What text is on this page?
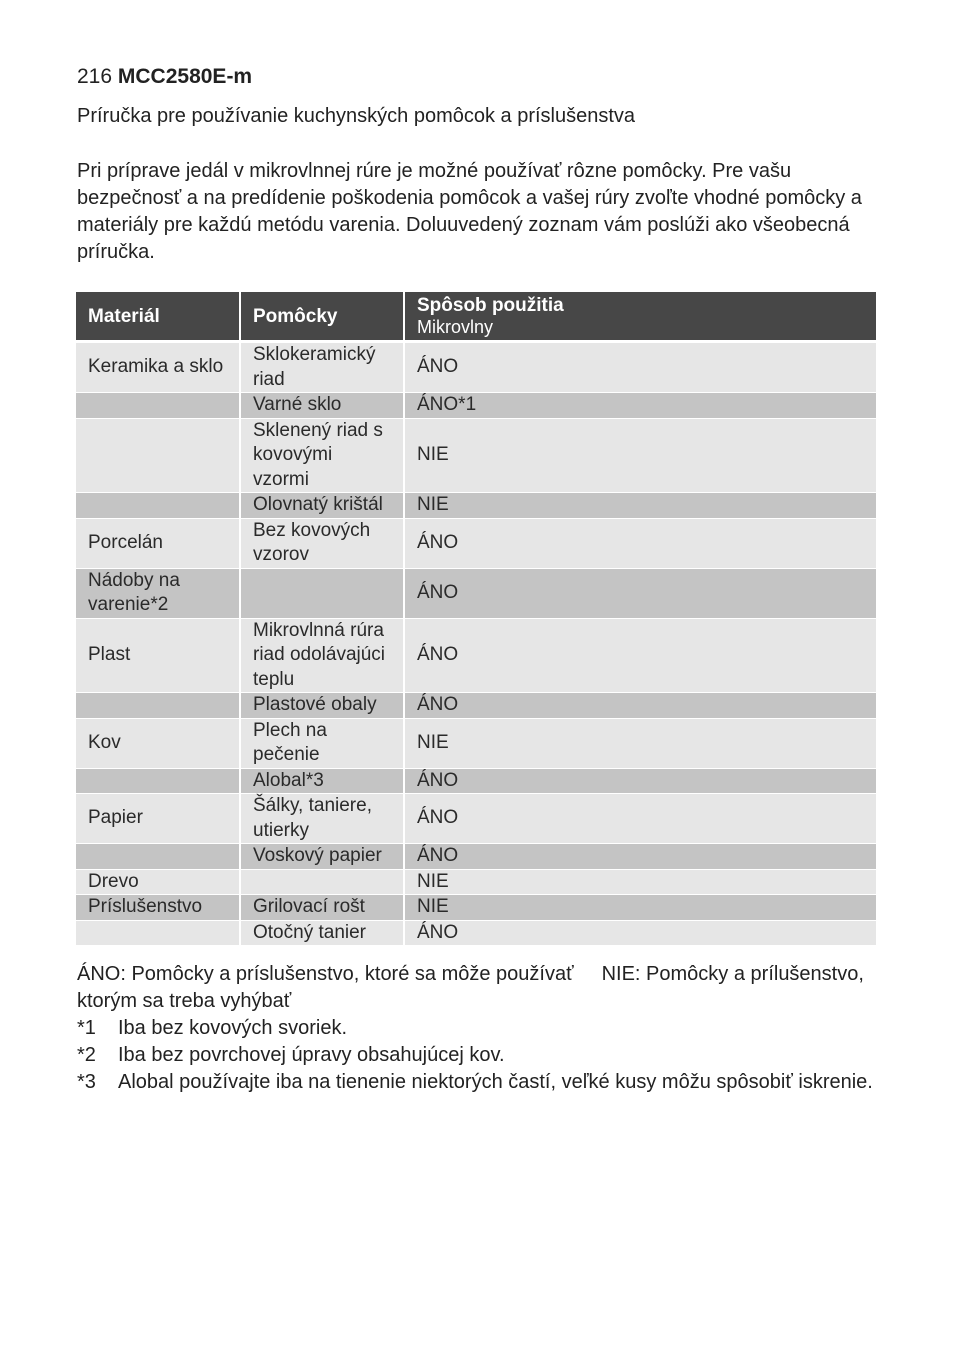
216 MCC2580E-m
Príručka pre používanie kuchynských pomôcok a príslušenstva
Pri príprave jedál v mikrovlnnej rúre je možné používať rôzne pomôcky. Pre vašu bezpečnosť a na predídenie poškodenia pomôcok a vašej rúry zvoľte vhodné pomôcky a materiály pre každú metódu varenia. Doluuvedený zoznam vám poslúži ako všeobecná príručka.
Materiál	Pomôcky	Spôsob použitia
Mikrovlny

Keramika a sklo	Sklokeramický riad	ÁNO
	Varné sklo	ÁNO*1
	Sklenený riad s kovovými vzormi	NIE
	Olovnatý krištál	NIE
Porcelán	Bez kovových vzorov	ÁNO
Nádoby na varenie*2		ÁNO
Plast	Mikrovlnná rúra riad odolávajúci teplu	ÁNO
	Plastové obaly	ÁNO
Kov	Plech na pečenie	NIE
	Alobal*3	ÁNO
Papier	Šálky, taniere, utierky	ÁNO
	Voskový papier	ÁNO
Drevo		NIE
Príslušenstvo	Grilovací rošt	NIE
	Otočný tanier	ÁNO
ÁNO: Pomôcky a príslušenstvo, ktoré sa môže používať NIE: Pomôcky a prílušenstvo, ktorým sa treba vyhýbať
*1	Iba bez kovových svoriek.
*2	Iba bez povrchovej úpravy obsahujúcej kov.
*3	Alobal používajte iba na tienenie niektorých častí, veľké kusy môžu spôsobiť iskrenie.
